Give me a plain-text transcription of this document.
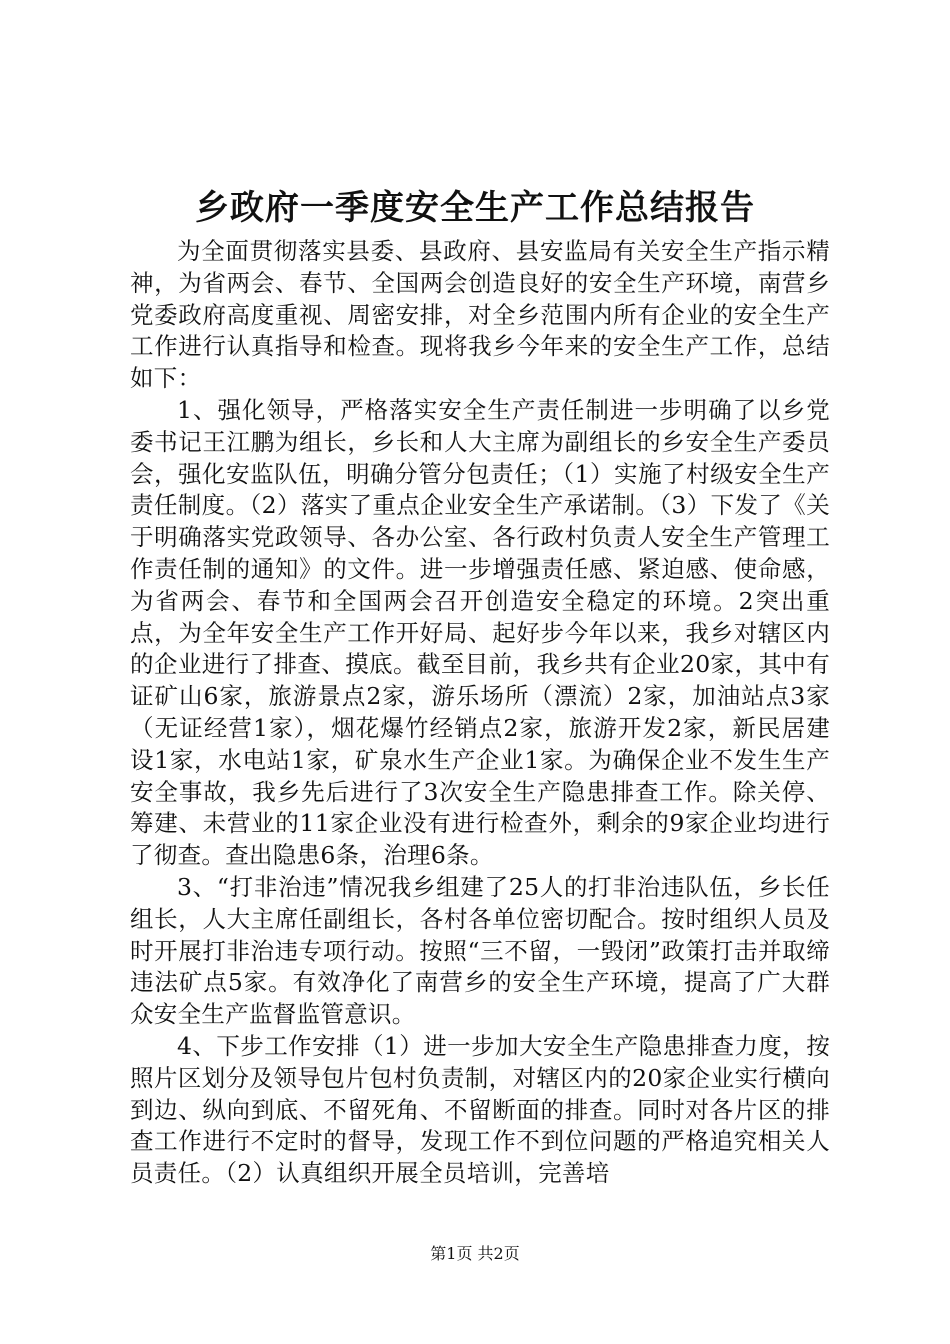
乡政府一季度安全生产工作总结报告

为全面贯彻落实县委、县政府、县安监局有关安全生产指示精神，为省两会、春节、全国两会创造良好的安全生产环境，南营乡党委政府高度重视、周密安排，对全乡范围内所有企业的安全生产工作进行认真指导和检查。现将我乡今年来的安全生产工作，总结如下：

1、强化领导，严格落实安全生产责任制进一步明确了以乡党委书记王江鹏为组长，乡长和人大主席为副组长的乡安全生产委员会，强化安监队伍，明确分管分包责任；（1）实施了村级安全生产责任制度。（2）落实了重点企业安全生产承诺制。（3）下发了《关于明确落实党政领导、各办公室、各行政村负责人安全生产管理工作责任制的通知》的文件。进一步增强责任感、紧迫感、使命感，为省两会、春节和全国两会召开创造安全稳定的环境。2突出重点，为全年安全生产工作开好局、起好步今年以来，我乡对辖区内的企业进行了排查、摸底。截至目前，我乡共有企业20家，其中有证矿山6家，旅游景点2家，游乐场所（漂流）2家，加油站点3家（无证经营1家），烟花爆竹经销点2家，旅游开发2家，新民居建设1家，水电站1家，矿泉水生产企业1家。为确保企业不发生生产安全事故，我乡先后进行了3次安全生产隐患排查工作。除关停、筹建、未营业的11家企业没有进行检查外，剩余的9家企业均进行了彻查。查出隐患6条，治理6条。

3、“打非治违”情况我乡组建了25人的打非治违队伍，乡长任组长，人大主席任副组长，各村各单位密切配合。按时组织人员及时开展打非治违专项行动。按照“三不留，一毁闭”政策打击并取缔违法矿点5家。有效净化了南营乡的安全生产环境，提高了广大群众安全生产监督监管意识。

4、下步工作安排（1）进一步加大安全生产隐患排查力度，按照片区划分及领导包片包村负责制，对辖区内的20家企业实行横向到边、纵向到底、不留死角、不留断面的排查。同时对各片区的排查工作进行不定时的督导，发现工作不到位问题的严格追究相关人员责任。（2）认真组织开展全员培训，完善培

第1页 共2页
